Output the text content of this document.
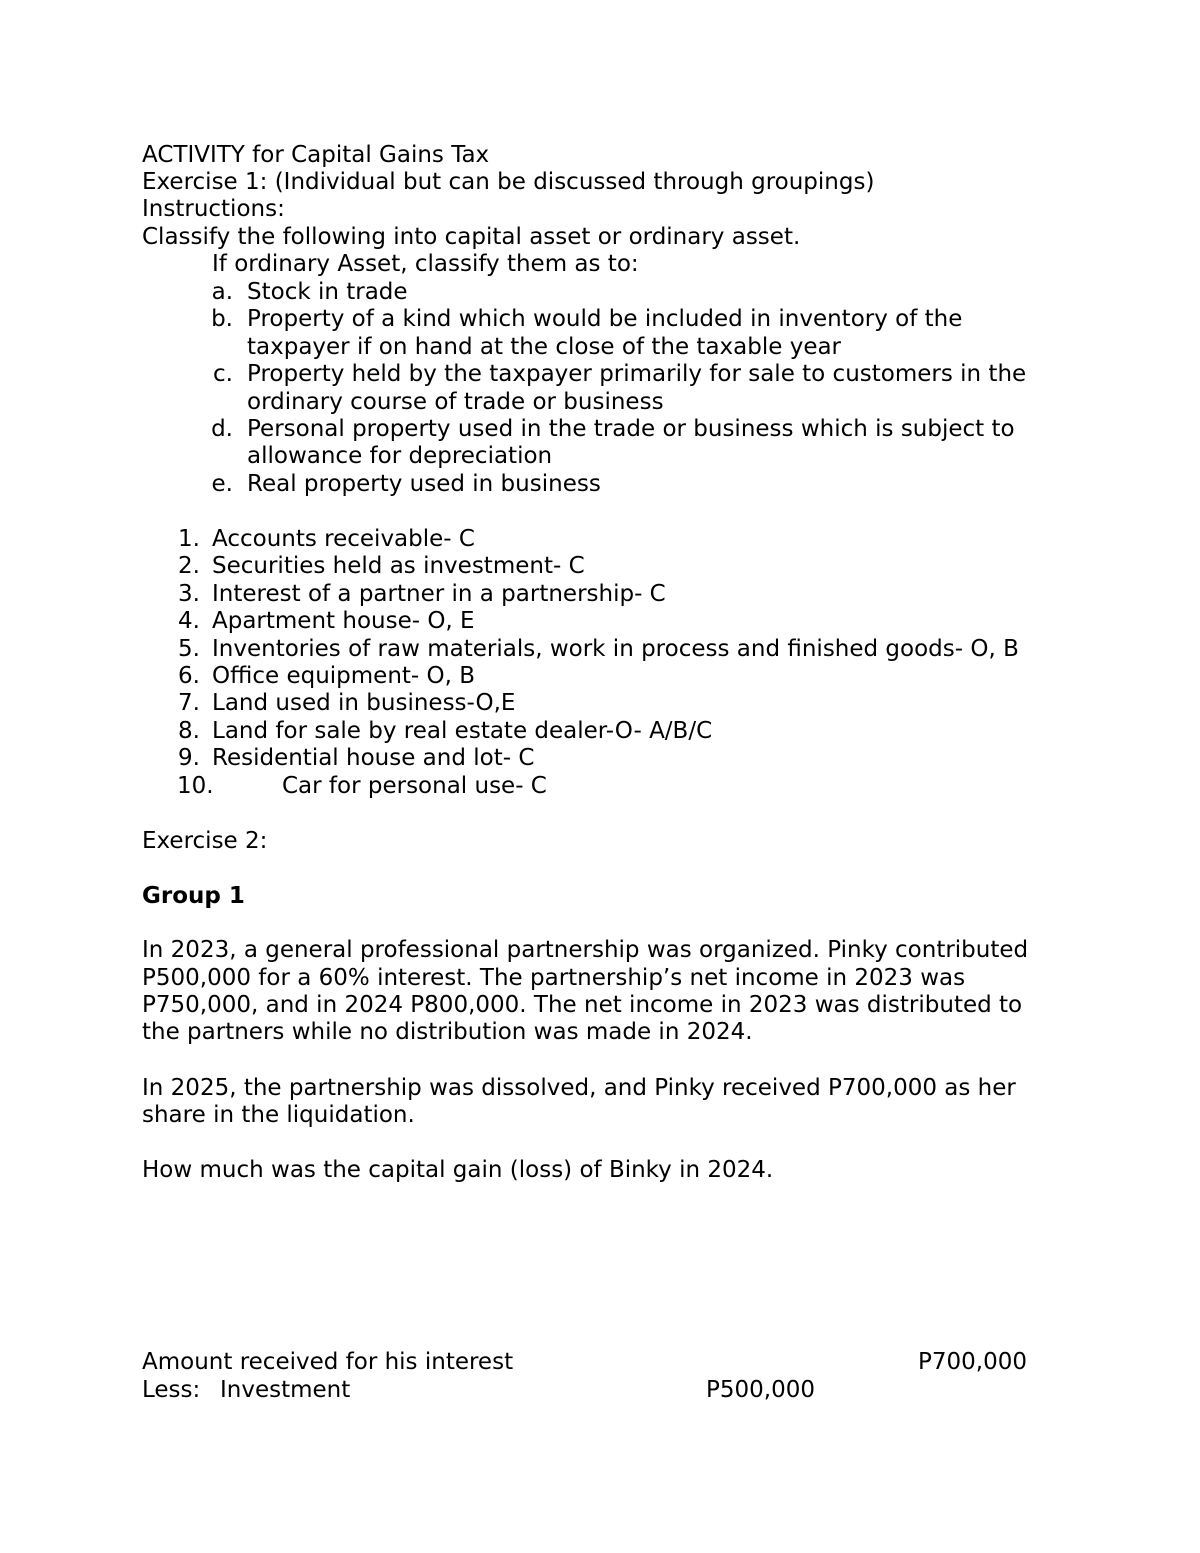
ACTIVITY for Capital Gains Tax
Exercise 1: (Individual but can be discussed through groupings)
Instructions:
Classify the following into capital asset or ordinary asset.
If ordinary Asset, classify them as to:
a. Stock in trade
b. Property of a kind which would be included in inventory of the
taxpayer if on hand at the close of the taxable year
c. Property held by the taxpayer primarily for sale to customers in the
ordinary course of trade or business
d. Personal property used in the trade or business which is subject to
allowance for depreciation
e. Real property used in business
1. Accounts receivable- C
2. Securities held as investment- C
3. Interest of a partner in a partnership- C
4. Apartment house- O, E
5. Inventories of raw materials, work in process and finished goods- O, B
6. Office equipment- O, B
7. Land used in business-O,E
8. Land for sale by real estate dealer-O- A/B/C
9. Residential house and lot- C
10.	Car for personal use- C
Exercise 2:
Group 1
In 2023, a general professional partnership was organized. Pinky contributed
P500,000 for a 60% interest. The partnership’s net income in 2023 was
P750,000, and in 2024 P800,000. The net income in 2023 was distributed to
the partners while no distribution was made in 2024.
In 2025, the partnership was dissolved, and Pinky received P700,000 as her
share in the liquidation.
How much was the capital gain (loss) of Binky in 2024.
Amount received for his interest	P700,000
Less: Investment	P500,000
